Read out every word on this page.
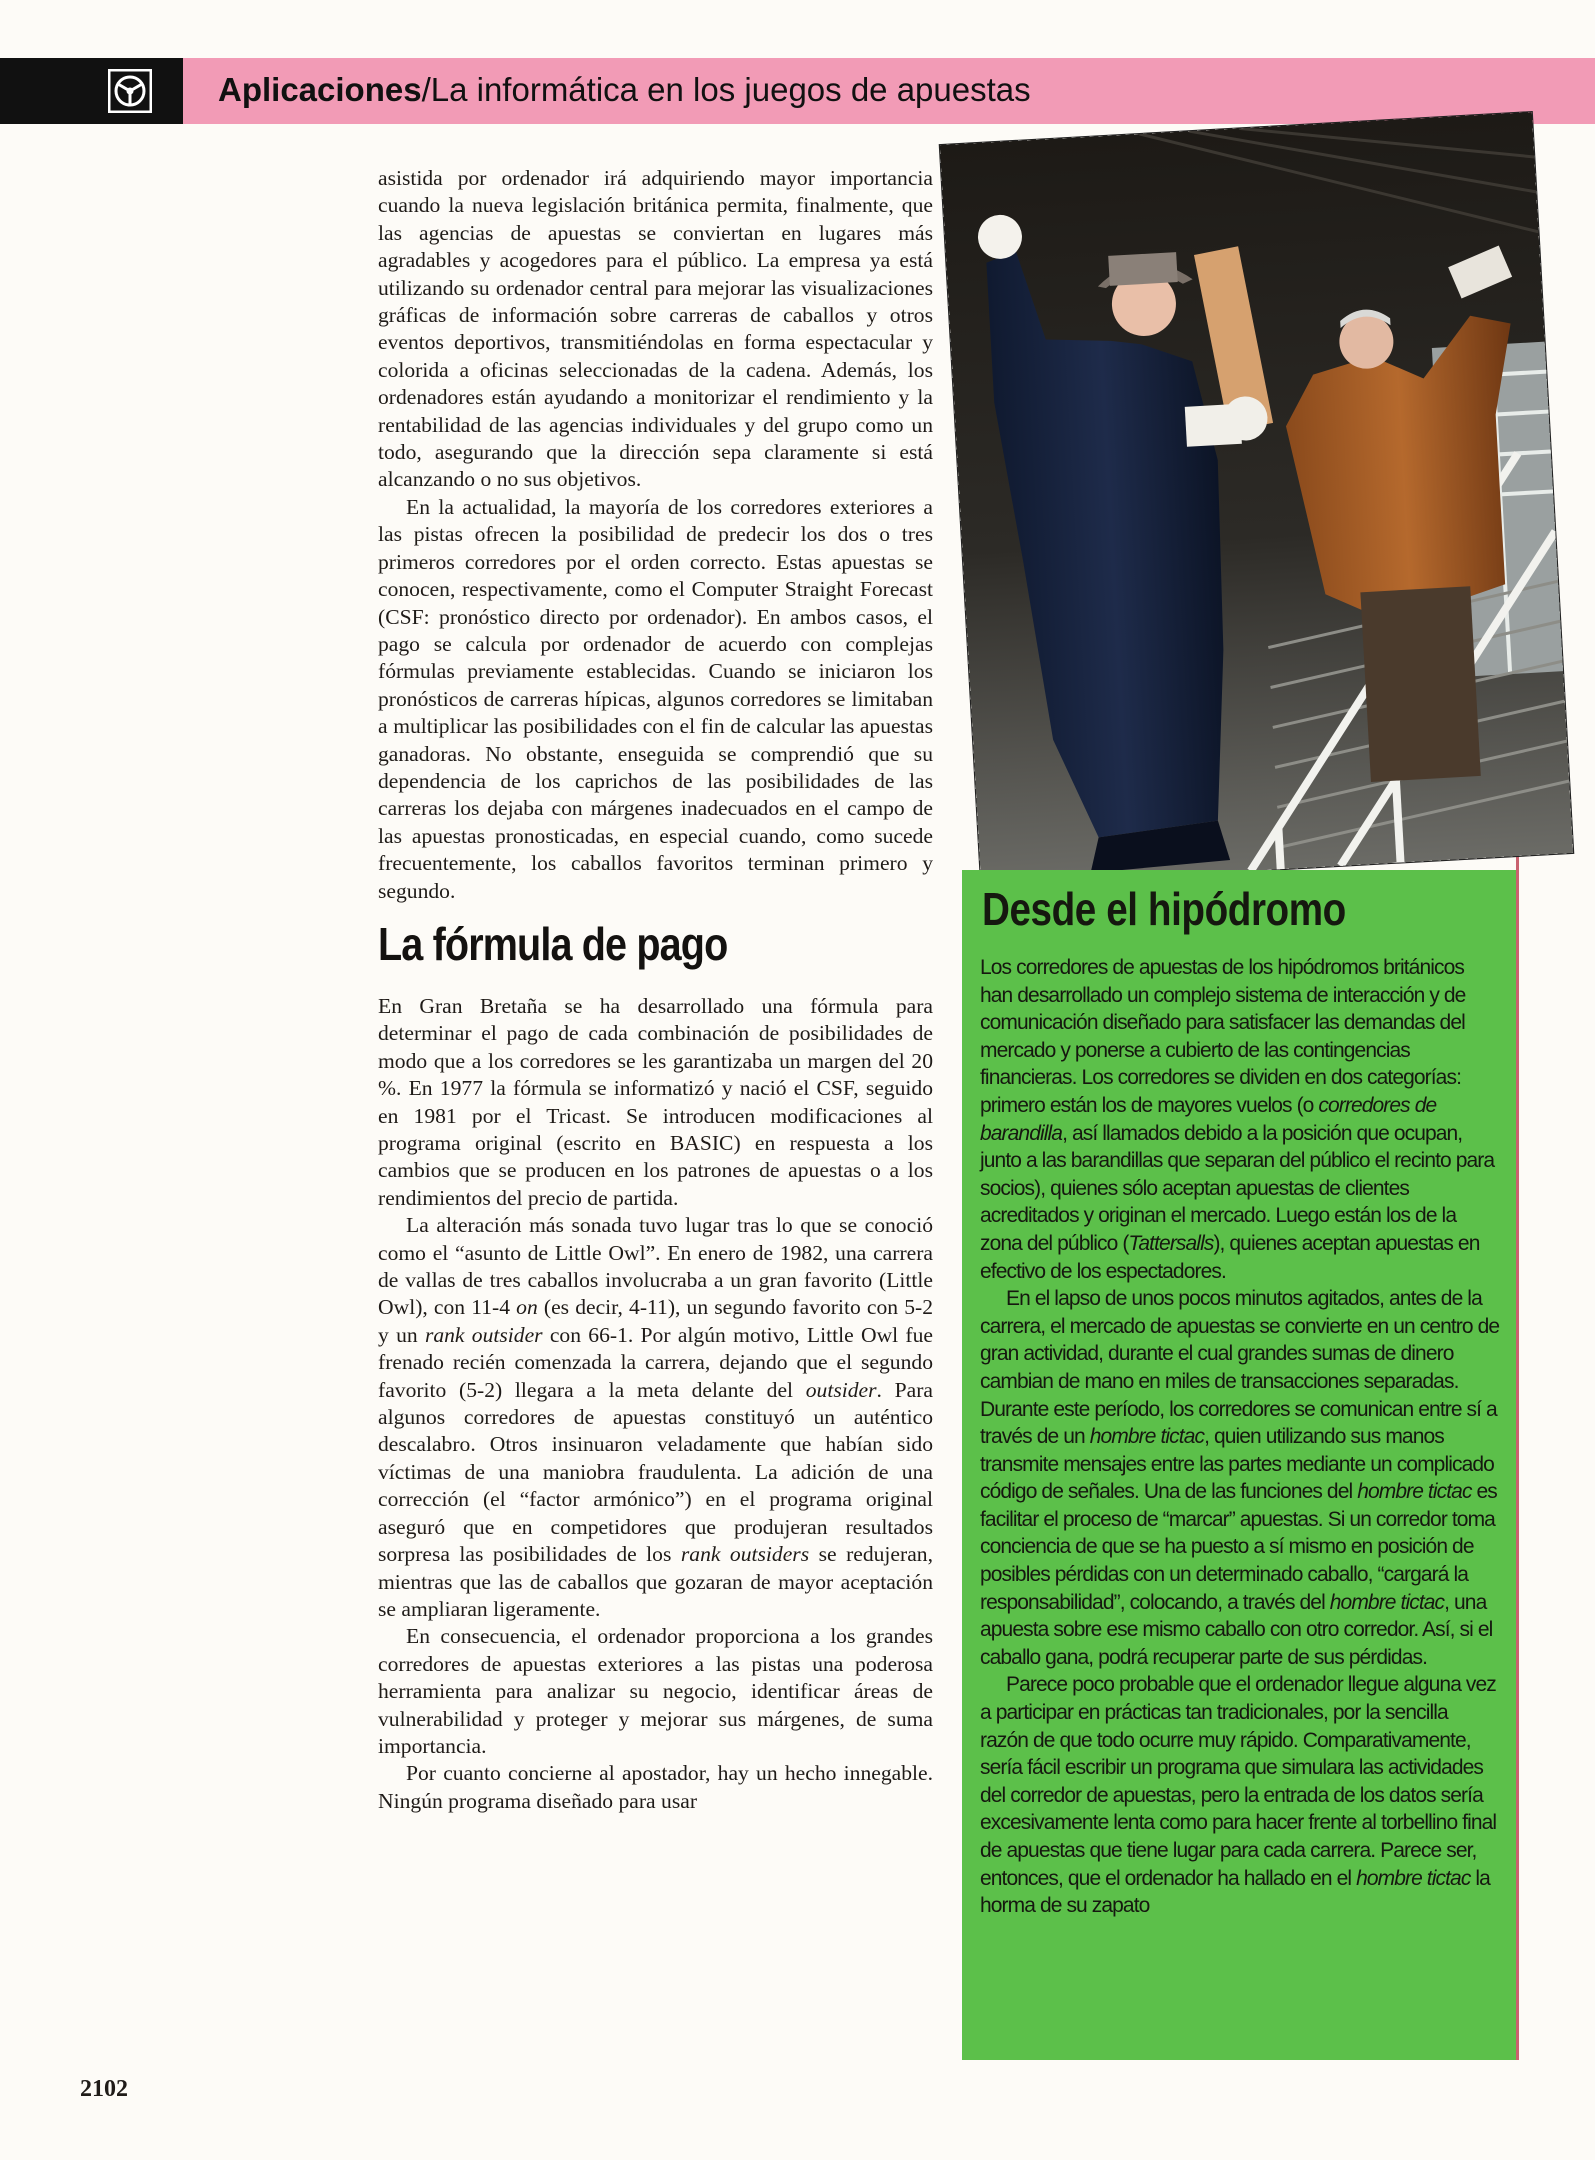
Aplicaciones/La informática en los juegos de apuestas

asistida por ordenador irá adquiriendo mayor importancia cuando la nueva legislación británica permita, finalmente, que las agencias de apuestas se conviertan en lugares más agradables y acogedores para el público. La empresa ya está utilizando su ordenador central para mejorar las visualizaciones gráficas de información sobre carreras de caballos y otros eventos deportivos, transmitiéndolas en forma espectacular y colorida a oficinas seleccionadas de la cadena. Además, los ordenadores están ayudando a monitorizar el rendimiento y la rentabilidad de las agencias individuales y del grupo como un todo, asegurando que la dirección sepa claramente si está alcanzando o no sus objetivos.

En la actualidad, la mayoría de los corredores exteriores a las pistas ofrecen la posibilidad de predecir los dos o tres primeros corredores por el orden correcto. Estas apuestas se conocen, respectivamente, como el Computer Straight Forecast (CSF: pronóstico directo por ordenador). En ambos casos, el pago se calcula por ordenador de acuerdo con complejas fórmulas previamente establecidas. Cuando se iniciaron los pronósticos de carreras hípicas, algunos corredores se limitaban a multiplicar las posibilidades con el fin de calcular las apuestas ganadoras. No obstante, enseguida se comprendió que su dependencia de los caprichos de las posibilidades de las carreras los dejaba con márgenes inadecuados en el campo de las apuestas pronosticadas, en especial cuando, como sucede frecuentemente, los caballos favoritos terminan primero y segundo.

La fórmula de pago

En Gran Bretaña se ha desarrollado una fórmula para determinar el pago de cada combinación de posibilidades de modo que a los corredores se les garantizaba un margen del 20 %. En 1977 la fórmula se informatizó y nació el CSF, seguido en 1981 por el Tricast. Se introducen modificaciones al programa original (escrito en BASIC) en respuesta a los cambios que se producen en los patrones de apuestas o a los rendimientos del precio de partida.

La alteración más sonada tuvo lugar tras lo que se conoció como el “asunto de Little Owl”. En enero de 1982, una carrera de vallas de tres caballos involucraba a un gran favorito (Little Owl), con 11-4 on (es decir, 4-11), un segundo favorito con 5-2 y un rank outsider con 66-1. Por algún motivo, Little Owl fue frenado recién comenzada la carrera, dejando que el segundo favorito (5-2) llegara a la meta delante del outsider. Para algunos corredores de apuestas constituyó un auténtico descalabro. Otros insinuaron veladamente que habían sido víctimas de una maniobra fraudulenta. La adición de una corrección (el “factor armónico”) en el programa original aseguró que en competidores que produjeran resultados sorpresa las posibilidades de los rank outsiders se redujeran, mientras que las de caballos que gozaran de mayor aceptación se ampliaran ligeramente.

En consecuencia, el ordenador proporciona a los grandes corredores de apuestas exteriores a las pistas una poderosa herramienta para analizar su negocio, identificar áreas de vulnerabilidad y proteger y mejorar sus márgenes, de suma importancia.

Por cuanto concierne al apostador, hay un hecho innegable. Ningún programa diseñado para usar

Desde el hipódromo

Los corredores de apuestas de los hipódromos británicos han desarrollado un complejo sistema de interacción y de comunicación diseñado para satisfacer las demandas del mercado y ponerse a cubierto de las contingencias financieras. Los corredores se dividen en dos categorías: primero están los de mayores vuelos (o corredores de barandilla, así llamados debido a la posición que ocupan, junto a las barandillas que separan del público el recinto para socios), quienes sólo aceptan apuestas de clientes acreditados y originan el mercado. Luego están los de la zona del público (Tattersalls), quienes aceptan apuestas en efectivo de los espectadores.

En el lapso de unos pocos minutos agitados, antes de la carrera, el mercado de apuestas se convierte en un centro de gran actividad, durante el cual grandes sumas de dinero cambian de mano en miles de transacciones separadas. Durante este período, los corredores se comunican entre sí a través de un hombre tictac, quien utilizando sus manos transmite mensajes entre las partes mediante un complicado código de señales. Una de las funciones del hombre tictac es facilitar el proceso de “marcar” apuestas. Si un corredor toma conciencia de que se ha puesto a sí mismo en posición de posibles pérdidas con un determinado caballo, “cargará la responsabilidad”, colocando, a través del hombre tictac, una apuesta sobre ese mismo caballo con otro corredor. Así, si el caballo gana, podrá recuperar parte de sus pérdidas.

Parece poco probable que el ordenador llegue alguna vez a participar en prácticas tan tradicionales, por la sencilla razón de que todo ocurre muy rápido. Comparativamente, sería fácil escribir un programa que simulara las actividades del corredor de apuestas, pero la entrada de los datos sería excesivamente lenta como para hacer frente al torbellino final de apuestas que tiene lugar para cada carrera. Parece ser, entonces, que el ordenador ha hallado en el hombre tictac la horma de su zapato

2102
